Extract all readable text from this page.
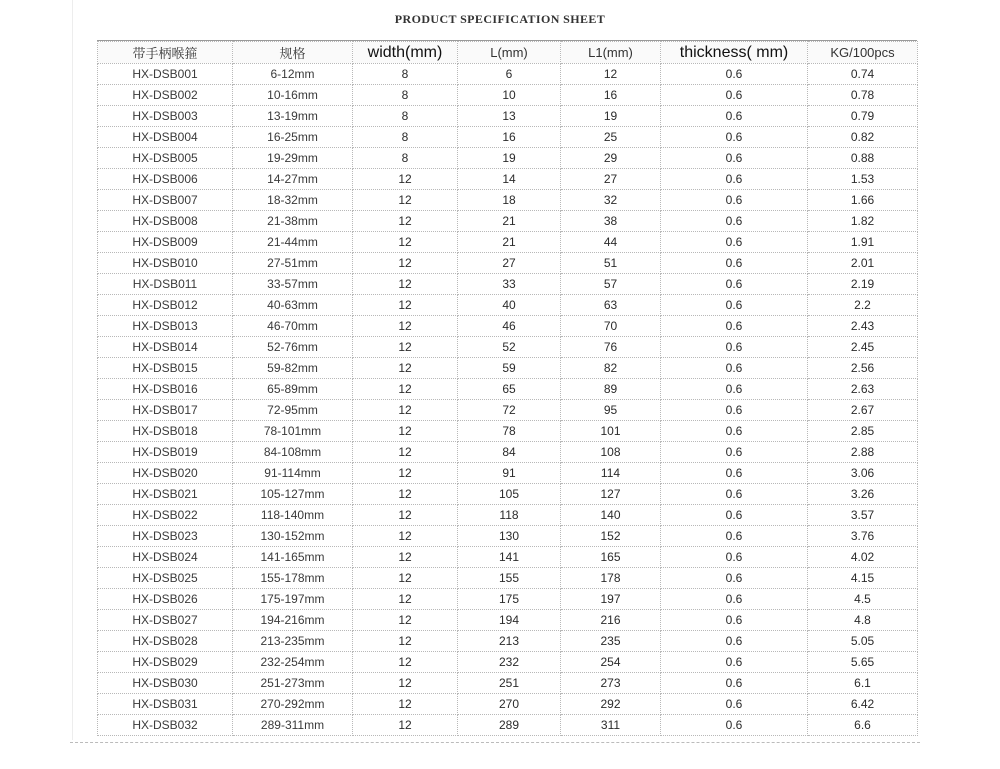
PRODUCT SPECIFICATION SHEET
带手柄喉箍	规格	width(mm)	L(mm)	L1(mm)	thickness( mm)	KG/100pcs
HX-DSB001	6-12mm	8	6	12	0.6	0.74
HX-DSB002	10-16mm	8	10	16	0.6	0.78
HX-DSB003	13-19mm	8	13	19	0.6	0.79
HX-DSB004	16-25mm	8	16	25	0.6	0.82
HX-DSB005	19-29mm	8	19	29	0.6	0.88
HX-DSB006	14-27mm	12	14	27	0.6	1.53
HX-DSB007	18-32mm	12	18	32	0.6	1.66
HX-DSB008	21-38mm	12	21	38	0.6	1.82
HX-DSB009	21-44mm	12	21	44	0.6	1.91
HX-DSB010	27-51mm	12	27	51	0.6	2.01
HX-DSB011	33-57mm	12	33	57	0.6	2.19
HX-DSB012	40-63mm	12	40	63	0.6	2.2
HX-DSB013	46-70mm	12	46	70	0.6	2.43
HX-DSB014	52-76mm	12	52	76	0.6	2.45
HX-DSB015	59-82mm	12	59	82	0.6	2.56
HX-DSB016	65-89mm	12	65	89	0.6	2.63
HX-DSB017	72-95mm	12	72	95	0.6	2.67
HX-DSB018	78-101mm	12	78	101	0.6	2.85
HX-DSB019	84-108mm	12	84	108	0.6	2.88
HX-DSB020	91-114mm	12	91	114	0.6	3.06
HX-DSB021	105-127mm	12	105	127	0.6	3.26
HX-DSB022	118-140mm	12	118	140	0.6	3.57
HX-DSB023	130-152mm	12	130	152	0.6	3.76
HX-DSB024	141-165mm	12	141	165	0.6	4.02
HX-DSB025	155-178mm	12	155	178	0.6	4.15
HX-DSB026	175-197mm	12	175	197	0.6	4.5
HX-DSB027	194-216mm	12	194	216	0.6	4.8
HX-DSB028	213-235mm	12	213	235	0.6	5.05
HX-DSB029	232-254mm	12	232	254	0.6	5.65
HX-DSB030	251-273mm	12	251	273	0.6	6.1
HX-DSB031	270-292mm	12	270	292	0.6	6.42
HX-DSB032	289-311mm	12	289	311	0.6	6.6
